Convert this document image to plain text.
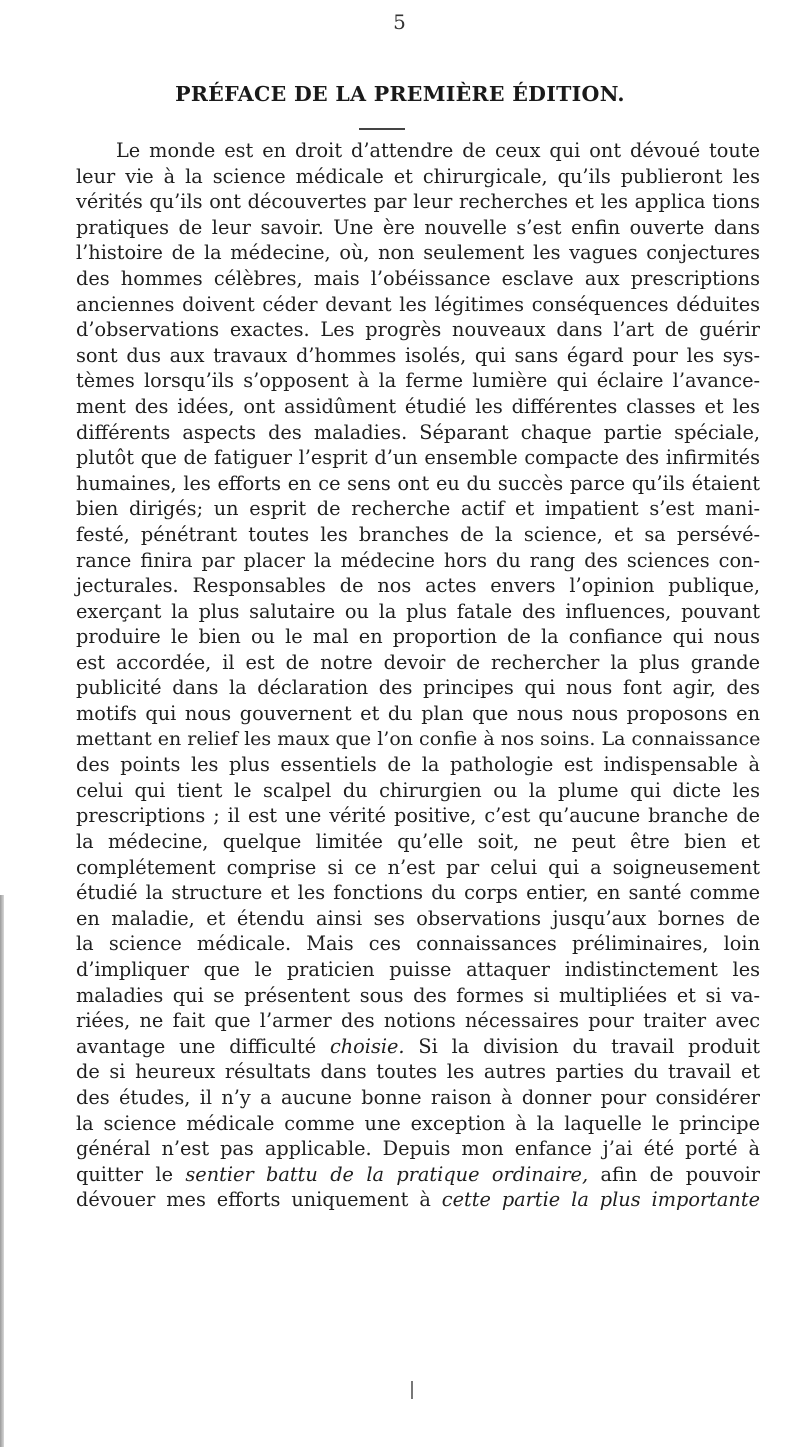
5
PRÉFACE DE LA PREMIÈRE ÉDITION.
Le monde est en droit d’attendre de ceux qui ont dévoué toute
leur vie à la science médicale et chirurgicale, qu’ils publieront les
vérités qu’ils ont découvertes par leur recherches et les applica tions
pratiques de leur savoir. Une ère nouvelle s’est enfin ouverte dans
l’histoire de la médecine, où, non seulement les vagues conjectures
des hommes célèbres, mais l’obéissance esclave aux prescriptions
anciennes doivent céder devant les légitimes conséquences déduites
d’observations exactes. Les progrès nouveaux dans l’art de guérir
sont dus aux travaux d’hommes isolés, qui sans égard pour les sys-
tèmes lorsqu’ils s’opposent à la ferme lumière qui éclaire l’avance-
ment des idées, ont assidûment étudié les différentes classes et les
différents aspects des maladies. Séparant chaque partie spéciale,
plutôt que de fatiguer l’esprit d’un ensemble compacte des infirmités
humaines, les efforts en ce sens ont eu du succès parce qu’ils étaient
bien dirigés; un esprit de recherche actif et impatient s’est mani-
festé, pénétrant toutes les branches de la science, et sa persévé-
rance finira par placer la médecine hors du rang des sciences con-
jecturales. Responsables de nos actes envers l’opinion publique,
exerçant la plus salutaire ou la plus fatale des influences, pouvant
produire le bien ou le mal en proportion de la confiance qui nous
est accordée, il est de notre devoir de rechercher la plus grande
publicité dans la déclaration des principes qui nous font agir, des
motifs qui nous gouvernent et du plan que nous nous proposons en
mettant en relief les maux que l’on confie à nos soins. La connaissance
des points les plus essentiels de la pathologie est indispensable à
celui qui tient le scalpel du chirurgien ou la plume qui dicte les
prescriptions ; il est une vérité positive, c’est qu’aucune branche de
la médecine, quelque limitée qu’elle soit, ne peut être bien et
complétement comprise si ce n’est par celui qui a soigneusement
étudié la structure et les fonctions du corps entier, en santé comme
en maladie, et étendu ainsi ses observations jusqu’aux bornes de
la science médicale. Mais ces connaissances préliminaires, loin
d’impliquer que le praticien puisse attaquer indistinctement les
maladies qui se présentent sous des formes si multipliées et si va-
riées, ne fait que l’armer des notions nécessaires pour traiter avec
avantage une difficulté choisie. Si la division du travail produit
de si heureux résultats dans toutes les autres parties du travail et
des études, il n’y a aucune bonne raison à donner pour considérer
la science médicale comme une exception à la laquelle le principe
général n’est pas applicable. Depuis mon enfance j’ai été porté à
quitter le sentier battu de la pratique ordinaire, afin de pouvoir
dévouer mes efforts uniquement à cette partie la plus importante
